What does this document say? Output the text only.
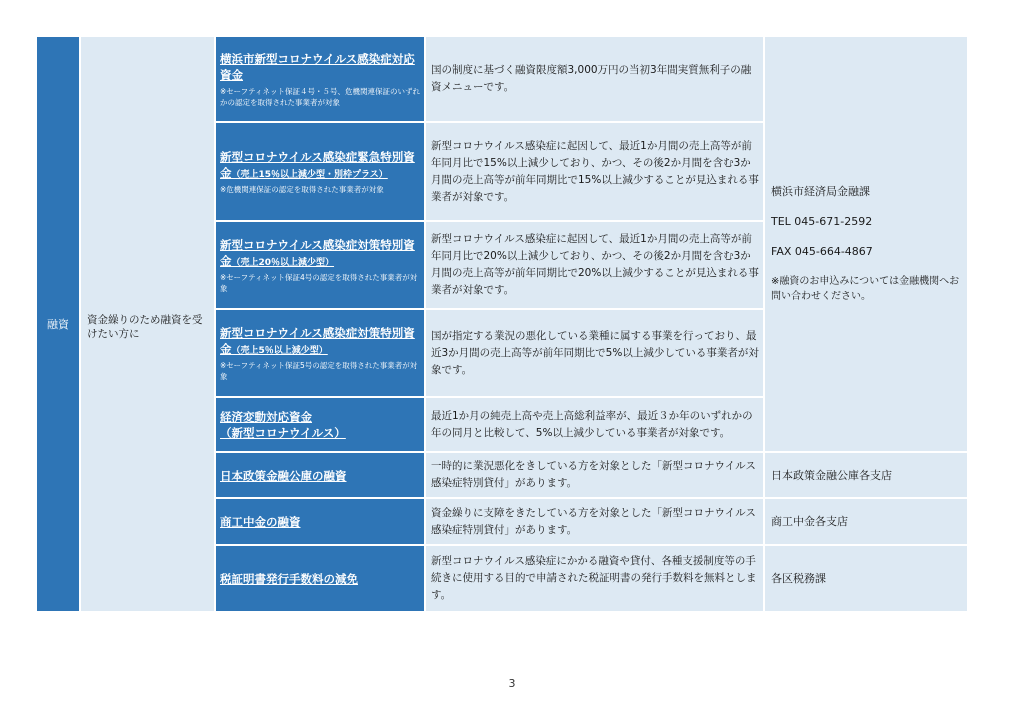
融資 資金繰りのため融資を受けたい方に
横浜市新型コロナウイルス感染症対応資金
※セーフティネット保証４号・５号、危機関連保証のいずれかの認定を取得された事業者が対象
国の制度に基づく融資限度額3,000万円の当初3年間実質無利子の融資メニューです。
新型コロナウイルス感染症緊急特別資金（売上15％以上減少型・別枠プラス）
※危機関連保証の認定を取得された事業者が対象
新型コロナウイルス感染症に起因して、最近1か月間の売上高等が前年同月比で15%以上減少しており、かつ、その後2か月間を含む3か月間の売上高等が前年同期比で15%以上減少することが見込まれる事業者が対象です。
新型コロナウイルス感染症対策特別資金（売上20％以上減少型）
※セーフティネット保証4号の認定を取得された事業者が対象
新型コロナウイルス感染症に起因して、最近1か月間の売上高等が前年同月比で20%以上減少しており、かつ、その後2か月間を含む3か月間の売上高等が前年同期比で20%以上減少することが見込まれる事業者が対象です。
新型コロナウイルス感染症対策特別資金（売上5％以上減少型）
※セーフティネット保証5号の認定を取得された事業者が対象
国が指定する業況の悪化している業種に属する事業を行っており、最近3か月間の売上高等が前年同期比で5%以上減少している事業者が対象です。
経済変動対応資金
（新型コロナウイルス）
最近1か月の純売上高や売上高総利益率が、最近３か年のいずれかの年の同月と比較して、5%以上減少している事業者が対象です。
日本政策金融公庫の融資
一時的に業況悪化をきしている方を対象とした「新型コロナウイルス感染症特別貸付」があります。
商工中金の融資
資金繰りに支障をきたしている方を対象とした「新型コロナウイルス感染症特別貸付」があります。
税証明書発行手数料の減免
新型コロナウイルス感染症にかかる融資や貸付、各種支援制度等の手続きに使用する目的で申請された税証明書の発行手数料を無料とします。

横浜市経済局金融課

TEL 045-671-2592

FAX 045-664-4867

※融資のお申込みについては金融機関へお問い合わせください。

日本政策金融公庫各支店
商工中金各支店
各区税務課
3
